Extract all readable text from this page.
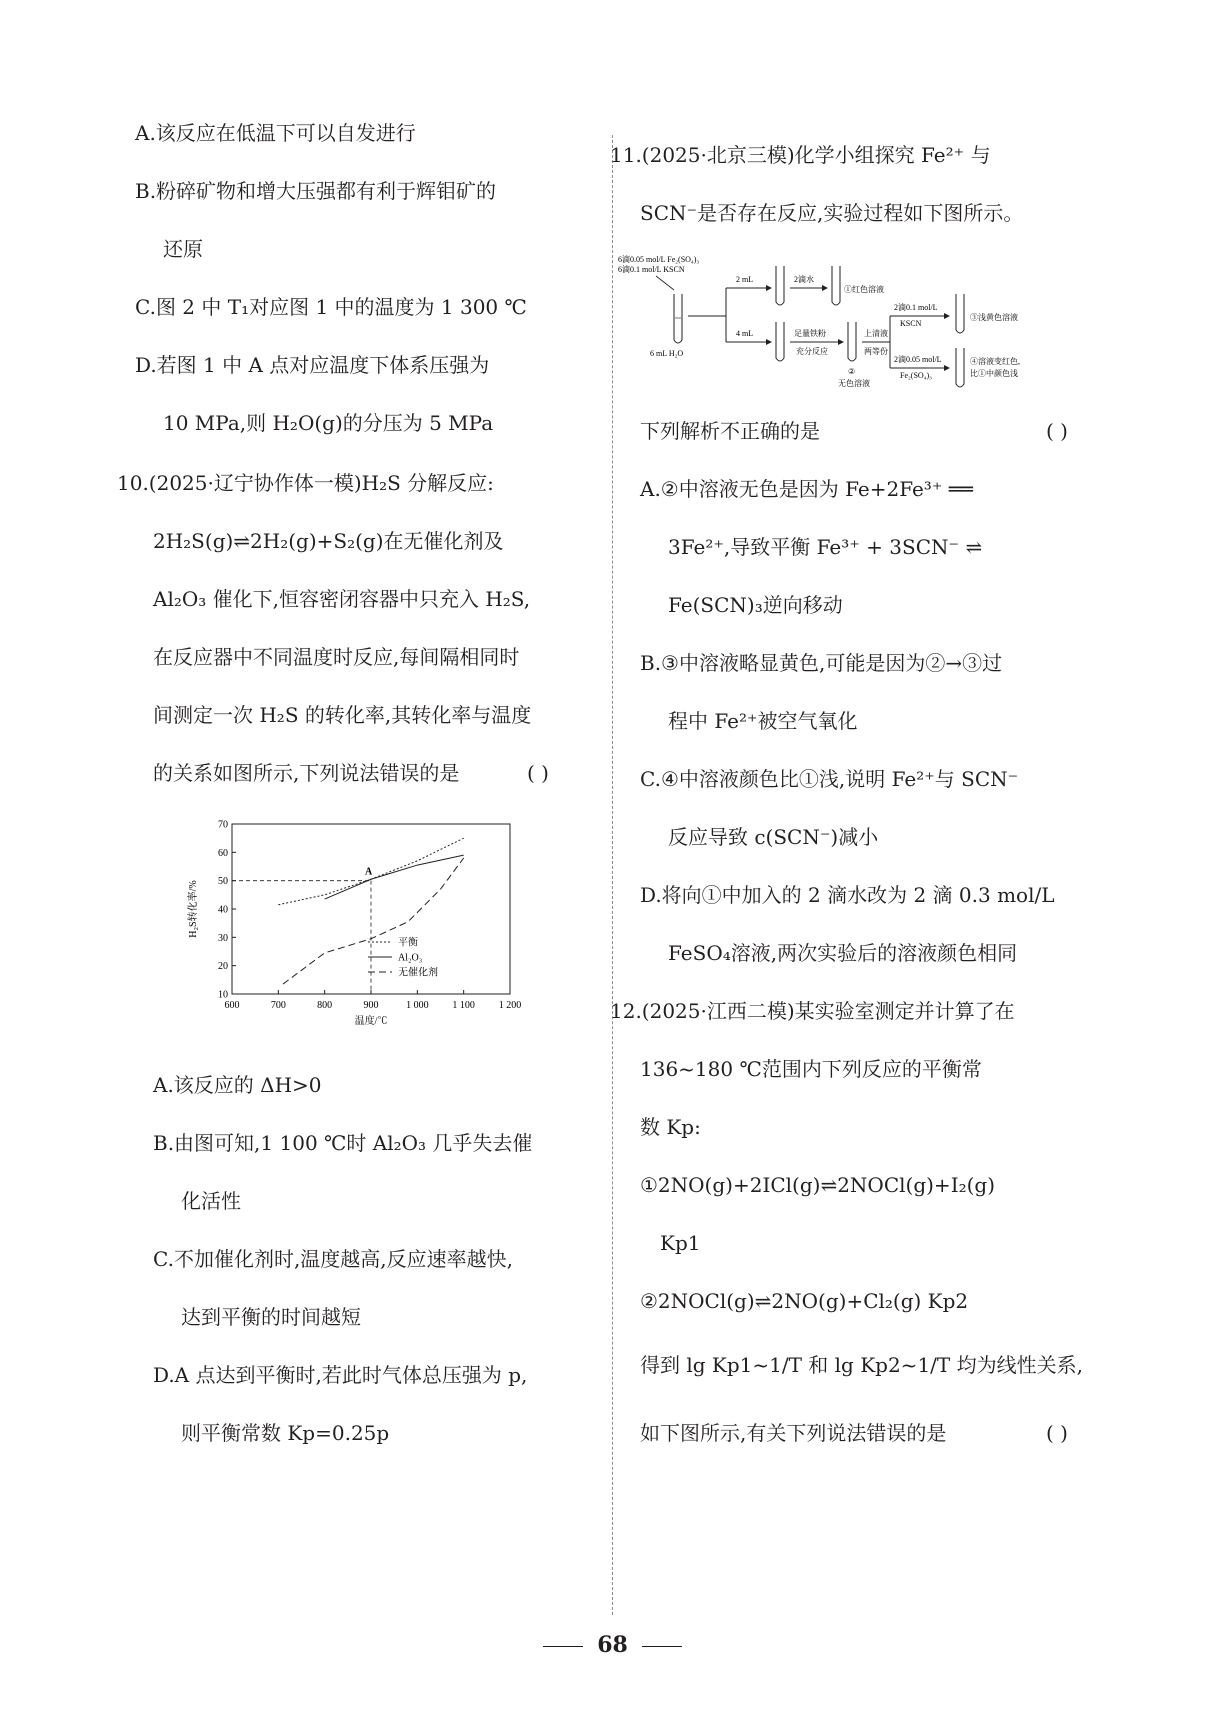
A.该反应在低温下可以自发进行
B.粉碎矿物和增大压强都有利于辉钼矿的
还原
C.图 2 中 T₁对应图 1 中的温度为 1 300 ℃
D.若图 1 中 A 点对应温度下体系压强为
10 MPa,则 H₂O(g)的分压为 5 MPa
10.(2025·辽宁协作体一模)H₂S 分解反应:
2H₂S(g)⇌2H₂(g)+S₂(g)在无催化剂及
Al₂O₃ 催化下,恒容密闭容器中只充入 H₂S,
在反应器中不同温度时反应,每间隔相同时
间测定一次 H₂S 的转化率,其转化率与温度
的关系如图所示,下列说法错误的是	( )
600	700	800	900	1 000 1 100 1 200
10
20
30
40
50
60
70
温度/℃
H₂S转化率/%
A
平衡
Al₂O₃
无催化剂
A.该反应的 ΔH>0
B.由图可知,1 100 ℃时 Al₂O₃ 几乎失去催
化活性
C.不加催化剂时,温度越高,反应速率越快,
达到平衡的时间越短
D.A 点达到平衡时,若此时气体总压强为 p,
则平衡常数 Kp=0.25p
11.(2025·北京三模)化学小组探究 Fe²⁺ 与
SCN⁻是否存在反应,实验过程如下图所示。
6滴0.05 mol/L Fe₂(SO₄)₃
6滴0.1 mol/L KSCN
6 mL H₂O
2 mL
4 mL
2滴水
①红色溶液
足量铁粉
充分反应
②
无色溶液
上清液
两等份
2滴0.1 mol/L
KSCN
2滴0.05 mol/L
Fe₂(SO₄)₃
③浅黄色溶液
④溶液变红色,
比①中颜色浅
下列解析不正确的是	( )
A.②中溶液无色是因为 Fe+2Fe³⁺ ══
3Fe²⁺,导致平衡 Fe³⁺ + 3SCN⁻ ⇌
Fe(SCN)₃逆向移动
B.③中溶液略显黄色,可能是因为②→③过
程中 Fe²⁺被空气氧化
C.④中溶液颜色比①浅,说明 Fe²⁺与 SCN⁻
反应导致 c(SCN⁻)减小
D.将向①中加入的 2 滴水改为 2 滴 0.3 mol/L
FeSO₄溶液,两次实验后的溶液颜色相同
12.(2025·江西二模)某实验室测定并计算了在
136~180 ℃范围内下列反应的平衡常
数 Kp:
①2NO(g)+2ICl(g)⇌2NOCl(g)+I₂(g)
Kp1
②2NOCl(g)⇌2NO(g)+Cl₂(g) Kp2
得到 lg Kp1~1/T 和 lg Kp2~1/T 均为线性关系,
如下图所示,有关下列说法错误的是	( )
68
